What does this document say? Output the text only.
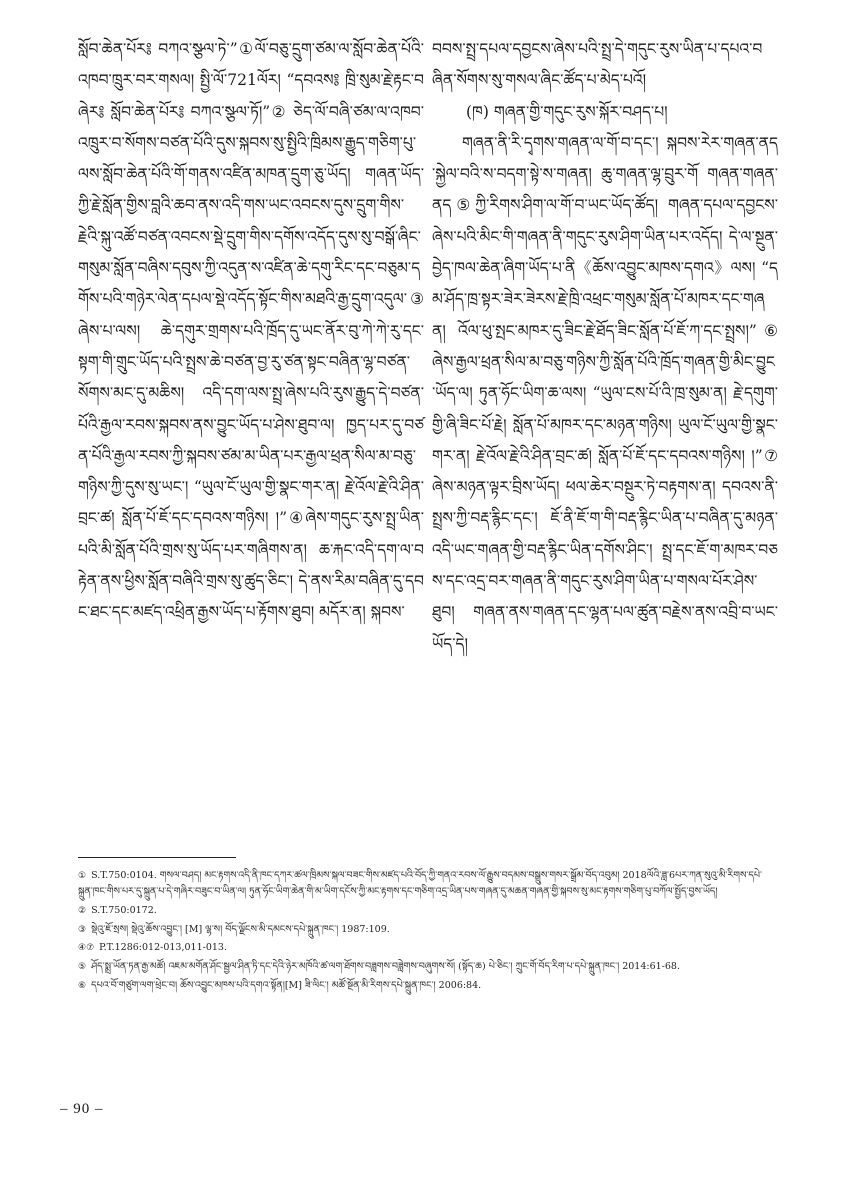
སློབ་ཆེན་པོར༔ བཀའ་སྩལ་ཏེ་”①ལོ་བཅུ་དྲུག་ཙམ་ལ་སློབ་ཆེན་པོའི་འཁབ་ཁྲུར་བར་གསལ། སྤྱི་ལོ་721ལོར། “དབའས༔ ཁྲི་སུམ་རྗེ་རྟང་བཞེར༔ སློབ་ཆེན་པོར༔ བཀའ་སྩལ་ཏོ།”② ཅེད་ལོ་བཞི་ཙམ་ལ་འཁབ་འཁྲུར་བ་སོགས་བཙན་པོའི་དུས་སྐབས་སུ་སྤྱིའི་ཁྲིམས་རྒྱུད་གཅིག་པུ་ལས་སློབ་ཆེན་པོའི་གོ་གནས་འཛིན་མཁན་དྲུག་ཅུ་ཡོད། གཞན་ཡོད་ཀྱི་རྗེ་སློན་གྱིས་བླའི་ཆབ་ནས་འདི་གས་ཡང་འབངས་དུས་དྲུག་གིས་རྗེའི་སྐུ་འཚོ་བཙན་འབངས་སྡེ་དྲུག་གིས་དགོས་འདོད་དུས་སུ་བསྒོ་ཞིང་གསུམ་སློན་བཞིས་དབུས་ཀྱི་འདུན་ས་འཛིན་ཆེ་དགུ་རིང་དང་བཅུམ་དགོས་པའི་གཉེར་ལེན་དཔལ་སྡེ་འདོད་སྟོང་གིས་མཐའི་རྒྱ་དྲུག་འདུལ་③ཞེས་པ་ལས། ཆེ་དགུར་གྲགས་པའི་ཁྲོད་དུ་ཡང་ནོར་བུ་ཀེ་ཀེ་རུ་དང་སྟག་གི་གྲུང་ཡོད་པའི་སྤྲས་ཆེ་བཙན་བྱ་རུ་ཙན་སྟང་བཞིན་ལྷ་བཙན་སོགས་མང་དུ་མཆིས། འདི་དག་ལས་སྤྲ་ཞེས་པའི་རུས་རྒྱུད་དེ་བཙན་པོའི་རྒྱལ་རབས་སྐབས་ནས་བྱུང་ཡོད་པ་ཤེས་ཐུབ་ལ། ཁྱད་པར་དུ་བཙན་པོའི་རྒྱལ་རབས་ཀྱི་སྐབས་ཙམ་མ་ཡིན་པར་རྒྱལ་ཕྲན་སིལ་མ་བཅུ་གཉིས་ཀྱི་དུས་སུ་ཡང་། “ཡུལ་ངོ་ཡུལ་གྱི་སྣང་གར་ན། རྗེ་འོལ་རྗེ་འི་ཤིན་བྲང་ཚ། སློན་པོ་ཇོ་དང་དབའས་གཉིས། །”④ཞེས་གདུང་རུས་སྤྲ་ཡིན་པའི་མི་སློན་པོའི་གྲས་སུ་ཡོད་པར་གཞིགས་ན། ཆ་རྐང་འདི་དག་ལ་བརྟེན་ནས་ཕྱིས་སློན་བཞིའི་གྲས་སུ་ཚུད་ཅིང་། དེ་ནས་རིམ་བཞིན་དུ་དབང་ཐང་དང་མཛད་འཕྲིན་རྒྱས་ཡོད་པ་རྟོགས་ཐུབ། མདོར་ན། སྐབས་

བབས་སྤྲ་དཔལ་དབྱངས་ཞེས་པའི་སྤྲ་དེ་གདུང་རུས་ཡིན་པ་དཔའ་བཞིན་སོགས་སུ་གསལ་ཞིང་ཚོད་པ་མེད་པའོ།

(ཁ) གཞན་གྱི་གདུང་རུས་སྐོར་བཤད་པ།

གཞན་ནི་རི་དྭགས་གཞན་ལ་གོ་བ་དང་། སྐབས་རེར་གཞན་ནད་སྐྱེལ་བའི་ས་བདག་སྟེ་ས་གཞན། ཆུ་གཞན་ལྷ་བྲུར་གོ གཞན་གཞན་ནད⑤ཀྱི་རིགས་ཤིག་ལ་གོ་བ་ཡང་ཡོད་ཚོད། གཞན་དཔལ་དབྱངས་ཞེས་པའི་མིང་གི་གཞན་ནི་གདུང་རུས་ཤིག་ཡིན་པར་འདོད། དེ་ལ་སྔུན་བྱེད་ཁལ་ཆེན་ཞིག་ཡོད་པ་ནི《ཆོས་འབྱུང་མཁས་དགའ》ལས། “དམ་ཤོད་ཁྲ་སྟར་ཟེར་ཟེརས་རྗེ་ཁྲི་འཕྲང་གསུམ་སློན་པོ་མཁར་དང་གཞན། འོལ་ཕུ་སྤང་མཁར་དུ་ཟིང་རྗེ་ཐོད་ཟིང་སློན་པོ་ཇོ་ཀ་དང་སྤྲས།”⑥ ཞེས་རྒྱལ་ཕྲན་སིལ་མ་བཅུ་གཉིས་ཀྱི་སློན་པོའི་ཁྲོད་གཞན་གྱི་མིང་བྱུང་ཡོད་ལ། ཏུན་ཧོང་ཡིག་ཆ་ལས། “ཡུལ་ངས་པོ་འི་ཁྲ་སུམ་ན། རྗེ་དགུག་གྱི་ཞི་ཟིང་པོ་རྗེ། སློན་པོ་མཁར་དང་མཉན་གཉིས། ཡུལ་ངོ་ཡུལ་གྱི་སྣང་གར་ན། རྗེ་འོལ་རྗེ་འི་ཤིན་བྲང་ཚ། སློན་པོ་ཇོ་དང་དབའས་གཉིས། །”⑦ ཞེས་མཉན་ལྟར་བྲིས་ཡོད། ཕལ་ཆེར་བསྔུར་ཏེ་བརྟགས་ན། དབའས་ནི་སྤྲས་ཀྱི་བརྡ་རྙིང་དང་། ཇོ་ནི་ཇོ་ག་གི་བརྡ་རྙིང་ཡིན་པ་བཞིན་དུ་མཉན་འདི་ཡང་གཞན་གྱི་བརྡ་རྙིང་ཡིན་དགོས་ཤིང་། སྤྲ་དང་ཇོ་ག་མཁར་བཅས་དང་འདྲ་བར་གཞན་ནི་གདུང་རུས་ཤིག་ཡིན་པ་གསལ་པོར་ཤེས་ཐུབ། གཞན་ནས་གཞན་དང་ལྷན་པལ་ཚུན་བརྗེས་ནས་འབྲི་བ་ཡང་ཡོད་དེ།

① S.T.750:0104. གསལ་བཤད། མང་རྟགས་འདི་ནི་ཁང་དཀར་ཚལ་ཁྲིམས་སྐལ་བཟང་གིས་མཛད་པའི་བོད་ཀྱི་གནའ་རབས་ལོ་རྒྱུས་བདམས་བསྒྲུས་གསར་སྒྲོམ་བོད་འབུམ། 2018ལོའི་ཟླ་6པར་ཀན་སུའུ་མི་རིགས་དཔེ་སྐྲུན་ཁང་གིས་པར་དུ་སྐྲུན་པ་དེ་གཞིར་བཟུང་བ་ཡིན་ལ། ཏུན་ཧོང་ཡིག་ཆེན་གི་མ་ཡིག་དངོས་ཀྱི་མང་རྟགས་དང་གཅིག་འདྲ་ཡིན་པས་གཞན་དུ་མཆན་གཞན་གྱི་སྐབས་སུ་མང་རྟགས་གཅིག་པུ་བཀོལ་སྤྱོད་བྱས་ཡོད།

② S.T.750:0172.

③ སྡེའུ་ཇོ་སྲས། སྡེའུ་ཆོས་འབྱུང་། [M] ལྷ་ས། བོད་ལྗོངས་མི་དམངས་དཔེ་སྐྲུན་ཁང་། 1987:109.

④⑦ P.T.1286:012-013,011-013.

⑤ ཤོད་སྨྲ་ཡོན་ཏན་རྒྱ་མཚོ། འཇམ་མགོན་ཤོང་སྦྱལ་ཤིན་ཏི་དང་དེའི་ཉེར་མཁོའི་ཚ་ལག་ཐོགས་བཟླགས་བཟླེགས་བཞུགས་སོ། (སྟོད་ཆ) པེ་ཅིང་། ཀྲུང་གོ་བོད་རིག་པ་དཔེ་སྐྲུན་ཁང་། 2014:61-68.

⑥ དཔའ་བོ་གཙུག་ལག་ཕྲེང་བ། ཆོས་འབྱུང་མཁས་པའི་དགའ་སྟོན།[M] ཟི་ལིང་། མཚོ་སྔོན་མི་རིགས་དཔེ་སྐྲུན་ཁང་། 2006:84.

– 90 –
